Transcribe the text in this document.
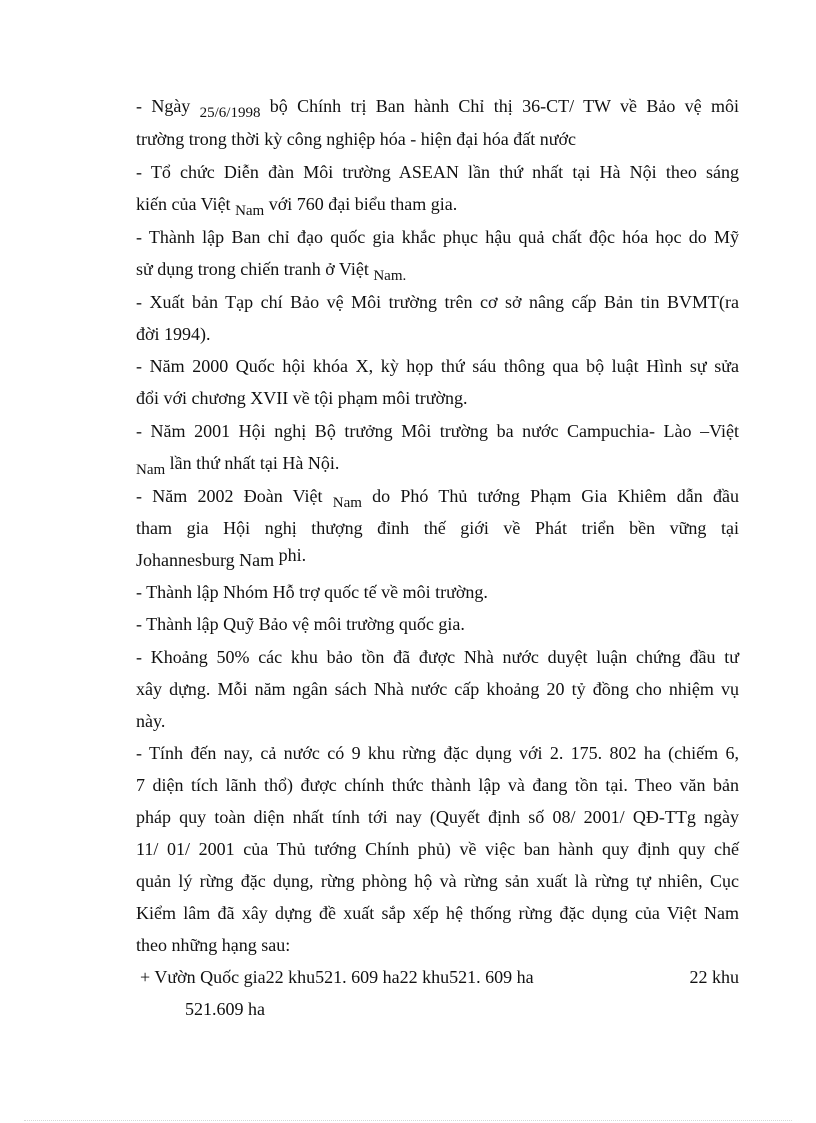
- Ngày $_{25/6/1998}$ bộ Chính trị Ban hành Chỉ thị 36-CT/ TW về Bảo vệ môi
trường trong thời kỳ công nghiệp hóa - hiện đại hóa đất nước
- Tổ chức Diễn đàn Môi trường ASEAN lần thứ nhất tại Hà Nội theo sáng
kiến của Việt $_{Nam}$ với 760 đại biểu tham gia.
- Thành lập Ban chỉ đạo quốc gia khắc phục hậu quả chất độc hóa học do Mỹ
sử dụng trong chiến tranh ở Việt $_{Nam.}$
- Xuất bản Tạp chí Bảo vệ Môi trường trên cơ sở nâng cấp Bản tin BVMT(ra
đời 1994).
- Năm 2000 Quốc hội khóa X, kỳ họp thứ sáu thông qua bộ luật Hình sự sửa
đổi với chương XVII về tội phạm môi trường.
- Năm 2001 Hội nghị Bộ trưởng Môi trường ba nước Campuchia- Lào –Việt
$_{Nam}$ lần thứ nhất tại Hà Nội.
- Năm 2002 Đoàn Việt $_{Nam}$ do Phó Thủ tướng Phạm Gia Khiêm dẫn đầu
tham gia Hội nghị thượng đỉnh thế giới về Phát triển bền vững tại
Johannesburg Nam phi.
- Thành lập Nhóm Hỗ trợ quốc tế về môi trường.
- Thành lập Quỹ Bảo vệ môi trường quốc gia.
- Khoảng 50% các khu bảo tồn đã được Nhà nước duyệt luận chứng đầu tư
xây dựng. Mỗi năm ngân sách Nhà nước cấp khoảng 20 tỷ đồng cho nhiệm vụ
này.
- Tính đến nay, cả nước có 9 khu rừng đặc dụng với 2. 175. 802 ha (chiếm 6,
7 diện tích lãnh thổ) được chính thức thành lập và đang tồn tại. Theo văn bản
pháp quy toàn diện nhất tính tới nay (Quyết định số 08/ 2001/ QĐ-TTg ngày
11/ 01/ 2001 của Thủ tướng Chính phủ) về việc ban hành quy định quy chế
quản lý rừng đặc dụng, rừng phòng hộ và rừng sản xuất là rừng tự nhiên, Cục
Kiểm lâm đã xây dựng đề xuất sắp xếp hệ thống rừng đặc dụng của Việt Nam
theo những hạng sau:
+ Vườn Quốc gia22 khu521. 609 ha22 khu521. 609 ha	22 khu
521.609 ha
